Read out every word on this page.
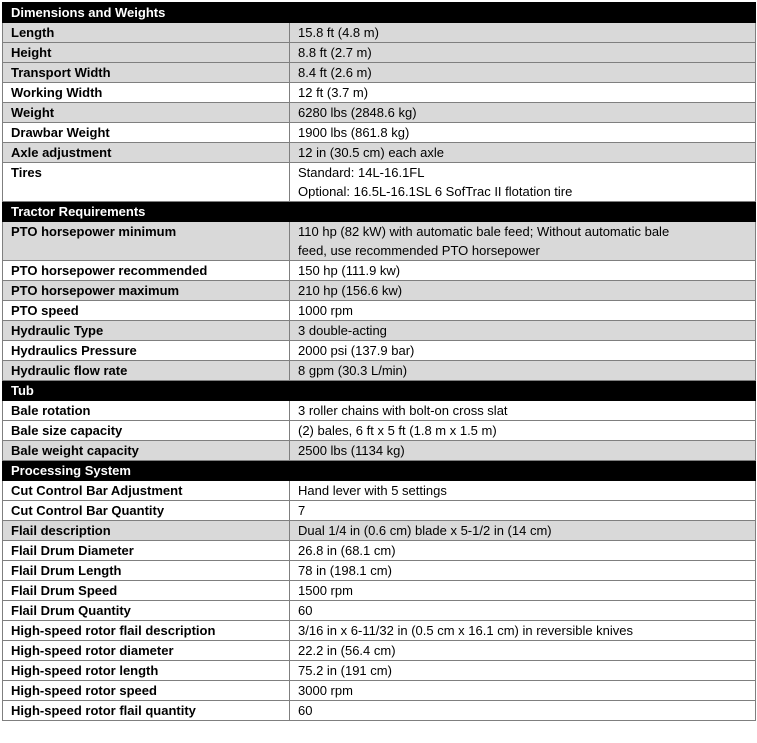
Dimensions and Weights	
Length	15.8 ft (4.8 m)
Height	8.8 ft (2.7 m)
Transport Width	8.4 ft (2.6 m)
Working Width	12 ft (3.7 m)
Weight	6280 lbs (2848.6 kg)
Drawbar Weight	1900 lbs (861.8 kg)
Axle adjustment	12 in (30.5 cm) each axle
Tires	Standard: 14L-16.1FL
Optional: 16.5L-16.1SL 6 SofTrac II flotation tire

Tractor Requirements	
PTO horsepower minimum	110 hp (82 kW) with automatic bale feed; Without automatic bale
feed, use recommended PTO horsepower

PTO horsepower recommended	150 hp (111.9 kw)
PTO horsepower maximum	210 hp (156.6 kw)
PTO speed	1000 rpm
Hydraulic Type	3 double-acting
Hydraulics Pressure	2000 psi (137.9 bar)
Hydraulic flow rate	8 gpm (30.3 L/min)
Tub	
Bale rotation	3 roller chains with bolt-on cross slat
Bale size capacity	(2) bales, 6 ft x 5 ft (1.8 m x 1.5 m)
Bale weight capacity	2500 lbs (1134 kg)
Processing System	
Cut Control Bar Adjustment	Hand lever with 5 settings
Cut Control Bar Quantity	7
Flail description	Dual 1/4 in (0.6 cm) blade x 5-1/2 in (14 cm)
Flail Drum Diameter	26.8 in (68.1 cm)
Flail Drum Length	78 in (198.1 cm)
Flail Drum Speed	1500 rpm
Flail Drum Quantity	60
High-speed rotor flail description	3/16 in x 6-11/32 in (0.5 cm x 16.1 cm) in reversible knives
High-speed rotor diameter	22.2 in (56.4 cm)
High-speed rotor length	75.2 in (191 cm)
High-speed rotor speed	3000 rpm
High-speed rotor flail quantity	60
